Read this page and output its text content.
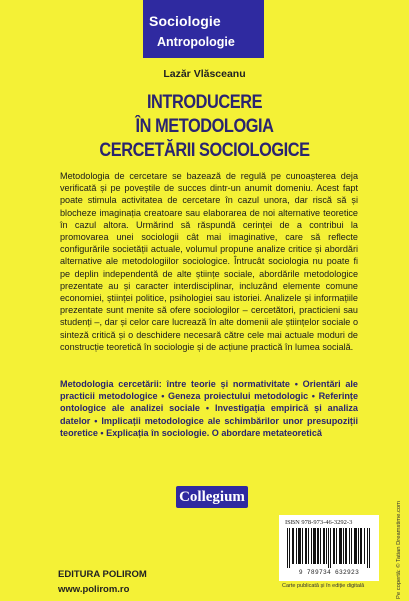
Sociologie
Antropologie
Lazăr Vlăsceanu
INTRODUCERE
ÎN METODOLOGIA
CERCETĂRII SOCIOLOGICE

Metodologia de cercetare se bazează de regulă pe cunoașterea deja verificată și pe poveștile de succes dintr-un anumit domeniu. Acest fapt poate stimula activitatea de cercetare în cazul unora, dar riscă să și blocheze imaginația creatoare sau elaborarea de noi alternative teoretice în cazul altora. Urmărind să răspundă cerinței de a contribui la promovarea unei sociologii cât mai imaginative, care să reflecte configurările societății actuale, volumul propune analize critice și abordări alternative ale metodologiilor sociologice. Întrucât sociologia nu poate fi pe deplin independentă de alte științe sociale, abordările metodologice prezentate au și caracter interdisciplinar, incluzând elemente comune economiei, științei politice, psihologiei sau istoriei. Analizele și informațiile prezentate sunt menite să ofere sociologilor – cercetători, practicieni sau studenți –, dar și celor care lucrează în alte domenii ale științelor sociale o sinteză critică și o deschidere necesară către cele mai actuale moduri de construcție teoretică în sociologie și de acțiune practică în lumea socială.

Metodologia cercetării: între teorie și normativitate • Orientări ale practicii metodologice • Geneza proiectului metodologic • Referințe ontologice ale analizei sociale • Investigația empirică și analiza datelor • Implicații metodologice ale schimbărilor unor presupoziții teoretice • Explicația în sociologie. O abordare metateoretică
Collegium
EDITURA POLIROM
www.polirom.ro
ISBN 978-973-46-3292-3
9 789734 632923
Carte publicată și în ediție digitală	Pe copertă: © Tatian Dreamstime.com
